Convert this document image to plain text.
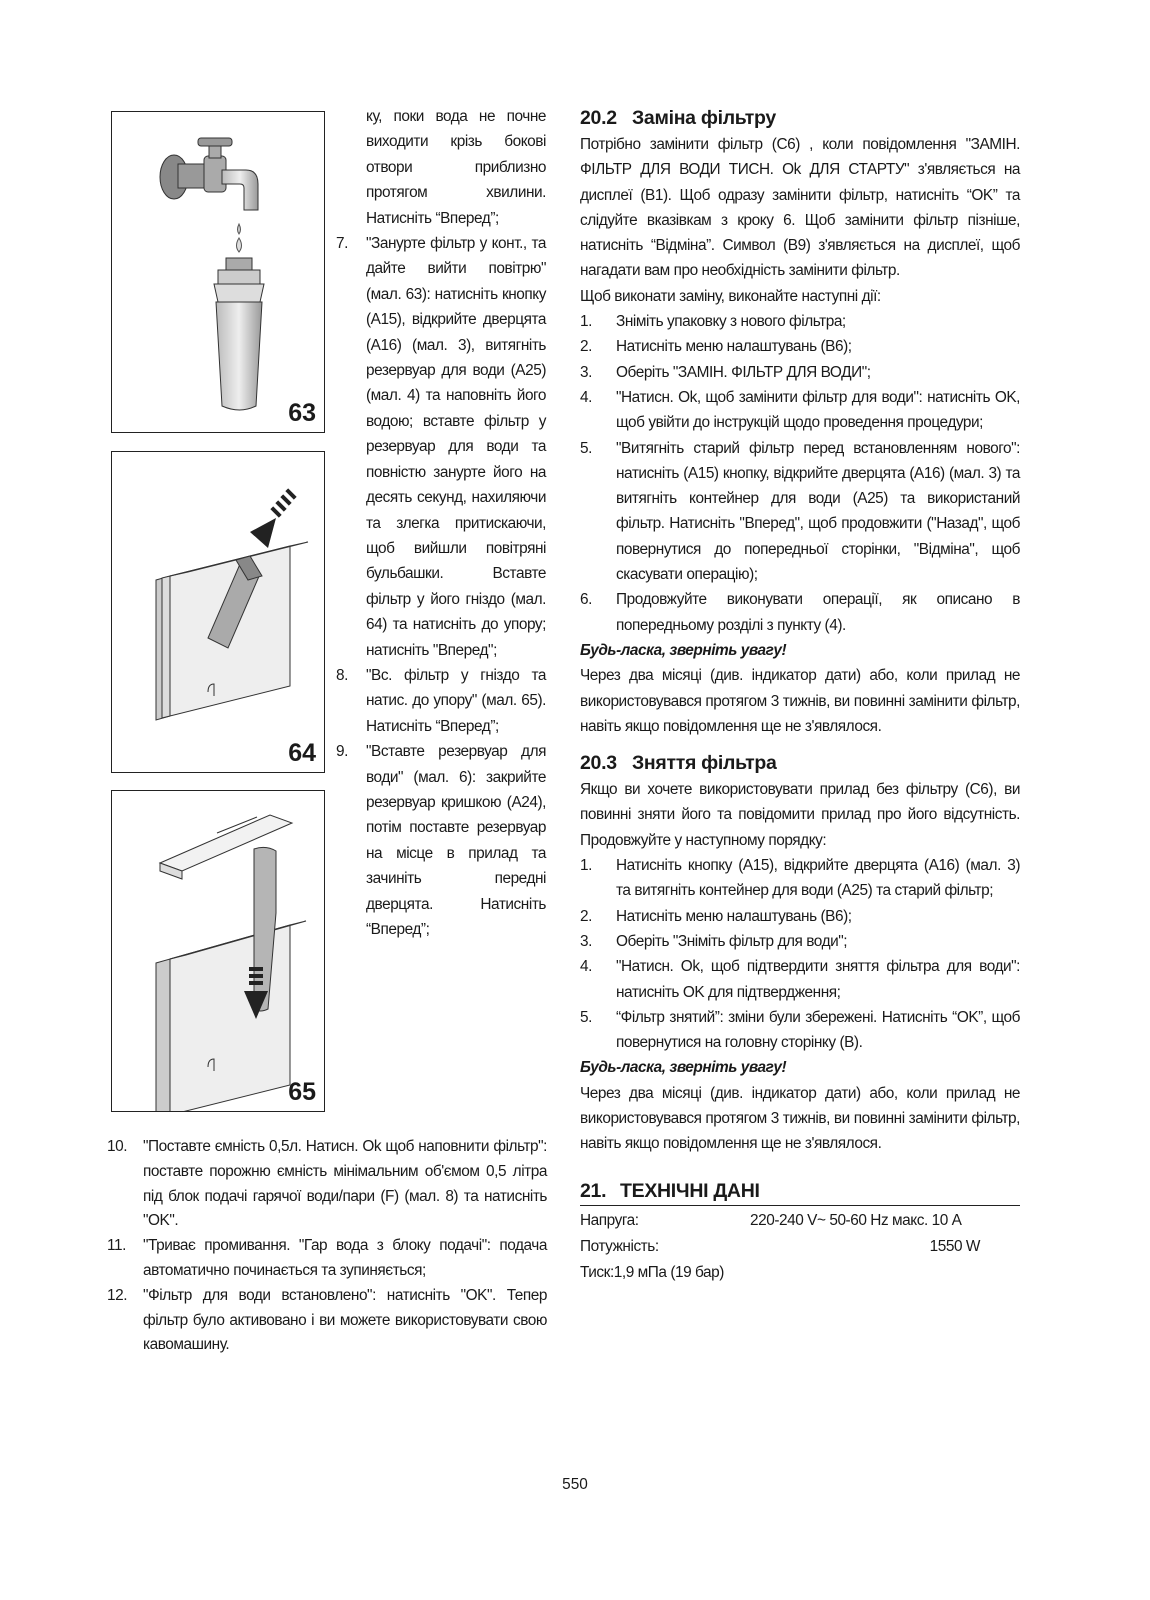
63
64
65
ку, поки вода не почне виходити крізь бокові отвори приблизно протягом хвилини. Натисніть “Вперед”;
7. "Занурте фільтр у конт., та дайте вийти повітрю" (мал. 63): натисніть кнопку (A15), відкрийте дверцята (A16) (мал. 3), витягніть резервуар для води (A25) (мал. 4) та наповніть його водою; вставте фільтр у резервуар для води та повністю занурте його на десять секунд, нахиляючи та злегка притискаючи, щоб вийшли повітряні бульбашки. Вставте фільтр у його гніздо (мал. 64) та натисніть до упору; натисніть "Вперед";
8. "Вс. фільтр у гніздо та натис. до упору" (мал. 65). Натисніть “Вперед”;
9. "Вставте резервуар для води" (мал. 6): закрийте резервуар кришкою (A24), потім поставте резервуар на місце в прилад та зачиніть передні дверцята. Натисніть “Вперед”;
10. "Поставте ємність 0,5л. Натисн. Ok щоб наповнити фільтр": поставте порожню ємність мінімальним об'ємом 0,5 літра під блок подачі гарячої води/пари (F) (мал. 8) та натисніть "OK".
11. "Триває промивання. "Гар вода з блоку подачі": подача автоматично починається та зупиняється;
12. "Фільтр для води встановлено": натисніть "OK". Тепер фільтр було активовано і ви можете використовувати свою кавомашину.
20.2 Заміна фільтру

Потрібно замінити фільтр (C6) , коли повідомлення "ЗАМІН. ФІЛЬТР ДЛЯ ВОДИ ТИСН. Ok ДЛЯ СТАРТУ" з'являється на дисплеї (B1). Щоб одразу замінити фільтр, натисніть “OK” та слідуйте вказівкам з кроку 6. Щоб замінити фільтр пізніше, натисніть “Відміна”. Символ (B9) з'являється на дисплеї, щоб нагадати вам про необхідність замінити фільтр.

Щоб виконати заміну, виконайте наступні дії:

1. Зніміть упаковку з нового фільтра;
2. Натисніть меню налаштувань (B6);
3. Оберіть "ЗАМІН. ФІЛЬТР ДЛЯ ВОДИ";
4. "Натисн. Ok, щоб замінити фільтр для води": натисніть OK, щоб увійти до інструкцій щодо проведення процедури;
5. "Витягніть старий фільтр перед встановленням нового": натисніть (A15) кнопку, відкрийте дверцята (A16) (мал. 3) та витягніть контейнер для води (A25) та використаний фільтр. Натисніть "Вперед", щоб продовжити ("Назад", щоб повернутися до попередньої сторінки, "Відміна", щоб скасувати операцію);
6. Продовжуйте виконувати операції, як описано в попередньому розділі з пункту (4).

Будь-ласка, зверніть увагу!

Через два місяці (див. індикатор дати) або, коли прилад не використовувався протягом 3 тижнів, ви повинні замінити фільтр, навіть якщо повідомлення ще не з'являлося.

20.3 Зняття фільтра

Якщо ви хочете використовувати прилад без фільтру (C6), ви повинні зняти його та повідомити прилад про його відсутність. Продовжуйте у наступному порядку:

1. Натисніть кнопку (A15), відкрийте дверцята (A16) (мал. 3) та витягніть контейнер для води (A25) та старий фільтр;
2. Натисніть меню налаштувань (B6);
3. Оберіть "Зніміть фільтр для води";
4. "Натисн. Ok, щоб підтвердити зняття фільтра для води": натисніть OK для підтвердження;
5. “Фільтр знятий”: зміни були збережені. Натисніть “OK”, щоб повернутися на головну сторінку (B).

Будь-ласка, зверніть увагу!

Через два місяці (див. індикатор дати) або, коли прилад не використовувався протягом 3 тижнів, ви повинні замінити фільтр, навіть якщо повідомлення ще не з'являлося.

21. ТЕХНІЧНІ ДАНІ
Напруга:	220-240 V~ 50-60 Hz макс. 10 A
Потужність:	1550 W
Тиск:1,9 мПа (19 бар)	
550
